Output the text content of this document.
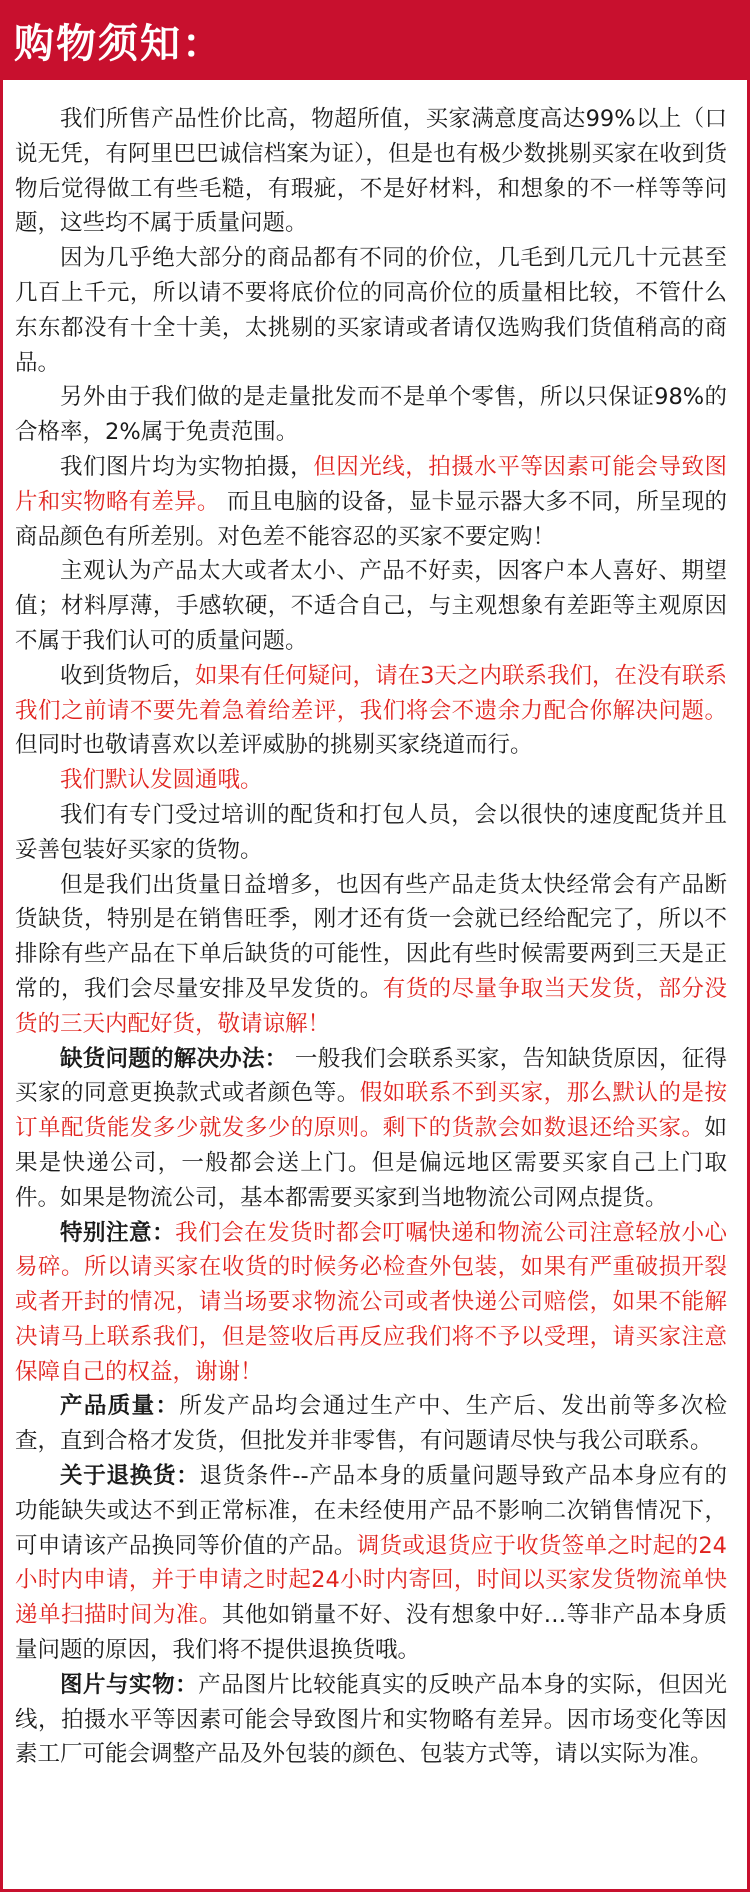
购物须知：

我们所售产品性价比高，物超所值，买家满意度高达99%以上（口说无凭，有阿里巴巴诚信档案为证），但是也有极少数挑剔买家在收到货物后觉得做工有些毛糙，有瑕疵，不是好材料，和想象的不一样等等问题，这些均不属于质量问题。

因为几乎绝大部分的商品都有不同的价位，几毛到几元几十元甚至几百上千元，所以请不要将底价位的同高价位的质量相比较，不管什么东东都没有十全十美，太挑剔的买家请或者请仅选购我们货值稍高的商品。

另外由于我们做的是走量批发而不是单个零售，所以只保证98%的合格率，2%属于免责范围。

我们图片均为实物拍摄，但因光线，拍摄水平等因素可能会导致图片和实物略有差异。 而且电脑的设备，显卡显示器大多不同，所呈现的商品颜色有所差别。对色差不能容忍的买家不要定购！

主观认为产品太大或者太小、产品不好卖，因客户本人喜好、期望值；材料厚薄，手感软硬，不适合自己，与主观想象有差距等主观原因不属于我们认可的质量问题。

收到货物后，如果有任何疑问，请在3天之内联系我们，在没有联系我们之前请不要先着急着给差评，我们将会不遗余力配合你解决问题。但同时也敬请喜欢以差评威胁的挑剔买家绕道而行。

我们默认发圆通哦。

我们有专门受过培训的配货和打包人员，会以很快的速度配货并且妥善包装好买家的货物。

但是我们出货量日益增多，也因有些产品走货太快经常会有产品断货缺货，特别是在销售旺季，刚才还有货一会就已经给配完了，所以不排除有些产品在下单后缺货的可能性，因此有些时候需要两到三天是正常的，我们会尽量安排及早发货的。有货的尽量争取当天发货，部分没货的三天内配好货，敬请谅解！

缺货问题的解决办法： 一般我们会联系买家，告知缺货原因，征得买家的同意更换款式或者颜色等。假如联系不到买家，那么默认的是按订单配货能发多少就发多少的原则。剩下的货款会如数退还给买家。如果是快递公司，一般都会送上门。但是偏远地区需要买家自己上门取件。如果是物流公司，基本都需要买家到当地物流公司网点提货。

特别注意：我们会在发货时都会叮嘱快递和物流公司注意轻放小心易碎。所以请买家在收货的时候务必检查外包装，如果有严重破损开裂或者开封的情况，请当场要求物流公司或者快递公司赔偿，如果不能解决请马上联系我们，但是签收后再反应我们将不予以受理，请买家注意保障自己的权益，谢谢！

产品质量：所发产品均会通过生产中、生产后、发出前等多次检查，直到合格才发货，但批发并非零售，有问题请尽快与我公司联系。

关于退换货：退货条件--产品本身的质量问题导致产品本身应有的功能缺失或达不到正常标准，在未经使用产品不影响二次销售情况下，可申请该产品换同等价值的产品。调货或退货应于收货签单之时起的24小时内申请，并于申请之时起24小时内寄回，时间以买家发货物流单快递单扫描时间为准。其他如销量不好、没有想象中好…等非产品本身质量问题的原因，我们将不提供退换货哦。

图片与实物：产品图片比较能真实的反映产品本身的实际，但因光线，拍摄水平等因素可能会导致图片和实物略有差异。因市场变化等因素工厂可能会调整产品及外包装的颜色、包装方式等，请以实际为准。
